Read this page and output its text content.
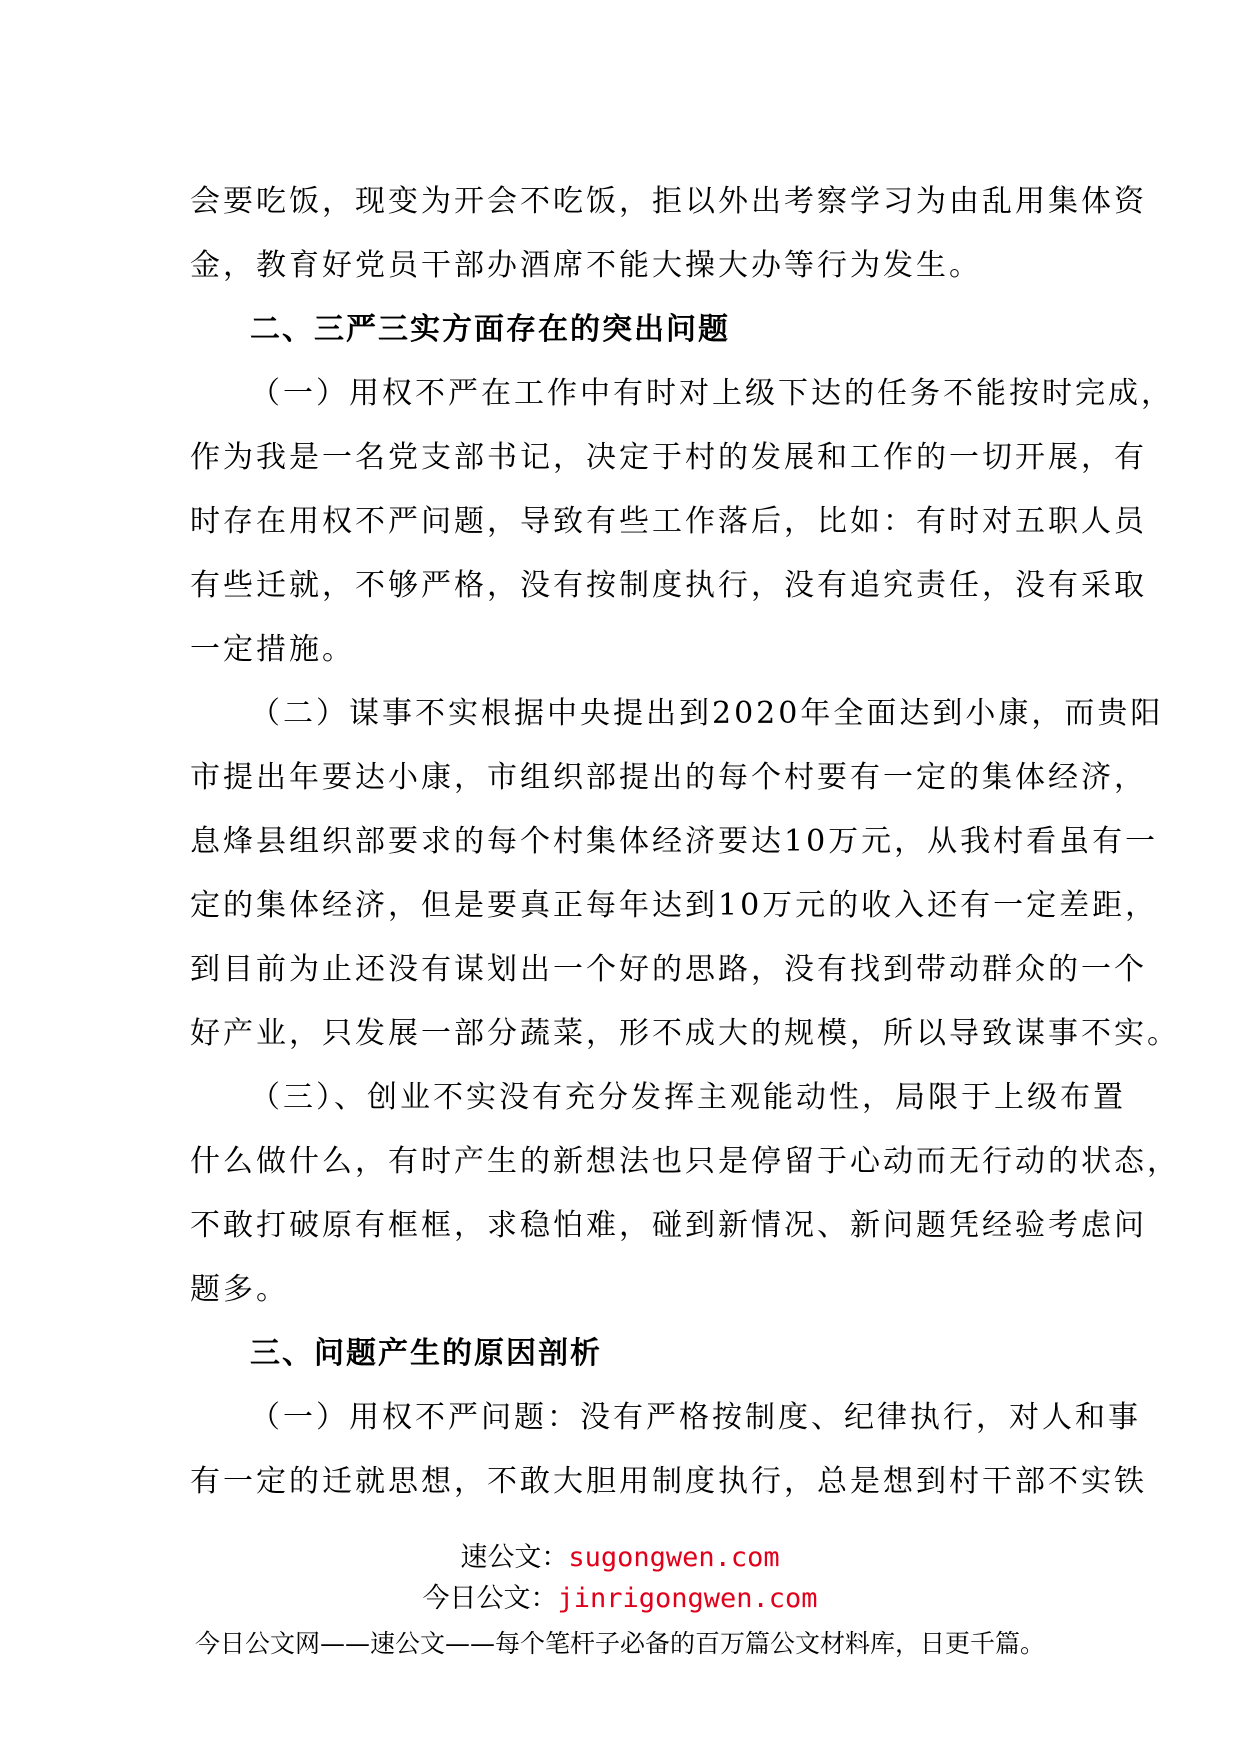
会要吃饭，现变为开会不吃饭，拒以外出考察学习为由乱用集体资
金，教育好党员干部办酒席不能大操大办等行为发生。
二、三严三实方面存在的突出问题
（一）用权不严在工作中有时对上级下达的任务不能按时完成，
作为我是一名党支部书记，决定于村的发展和工作的一切开展，有
时存在用权不严问题，导致有些工作落后，比如：有时对五职人员
有些迁就，不够严格，没有按制度执行，没有追究责任，没有采取
一定措施。
（二）谋事不实根据中央提出到2020年全面达到小康，而贵阳
市提出年要达小康，市组织部提出的每个村要有一定的集体经济，
息烽县组织部要求的每个村集体经济要达10万元，从我村看虽有一
定的集体经济，但是要真正每年达到10万元的收入还有一定差距，
到目前为止还没有谋划出一个好的思路，没有找到带动群众的一个
好产业，只发展一部分蔬菜，形不成大的规模，所以导致谋事不实。
（三）、创业不实没有充分发挥主观能动性，局限于上级布置
什么做什么，有时产生的新想法也只是停留于心动而无行动的状态，
不敢打破原有框框，求稳怕难，碰到新情况、新问题凭经验考虑问
题多。
三、问题产生的原因剖析
（一）用权不严问题：没有严格按制度、纪律执行，对人和事
有一定的迁就思想，不敢大胆用制度执行，总是想到村干部不实铁
速公文：sugongwen.com
今日公文：jinrigongwen.com
今日公文网——速公文——每个笔杆子必备的百万篇公文材料库，日更千篇。
